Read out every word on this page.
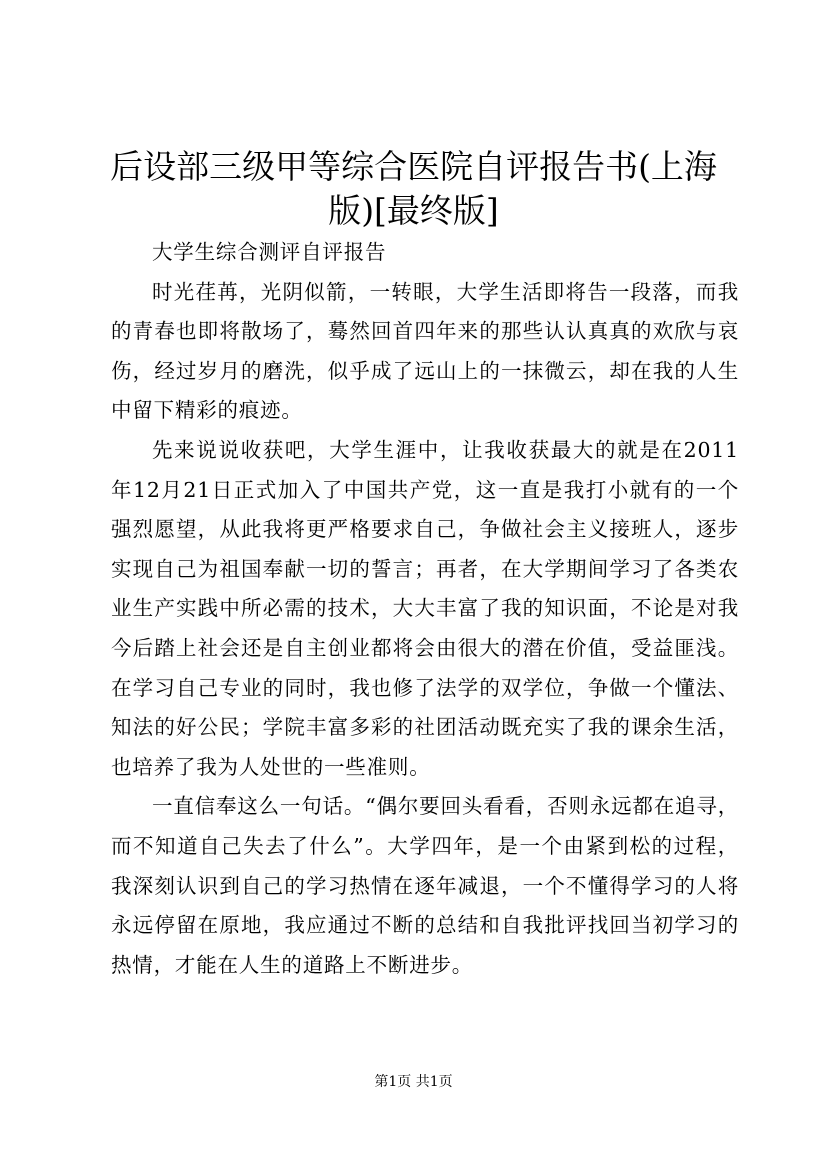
后设部三级甲等综合医院自评报告书(上海版)[最终版]

大学生综合测评自评报告

时光荏苒，光阴似箭，一转眼，大学生活即将告一段落，而我的青春也即将散场了，蓦然回首四年来的那些认认真真的欢欣与哀伤，经过岁月的磨洗，似乎成了远山上的一抹微云，却在我的人生中留下精彩的痕迹。

先来说说收获吧，大学生涯中，让我收获最大的就是在2011年12月21日正式加入了中国共产党，这一直是我打小就有的一个强烈愿望，从此我将更严格要求自己，争做社会主义接班人，逐步实现自己为祖国奉献一切的誓言；再者，在大学期间学习了各类农业生产实践中所必需的技术，大大丰富了我的知识面，不论是对我今后踏上社会还是自主创业都将会由很大的潜在价值，受益匪浅。在学习自己专业的同时，我也修了法学的双学位，争做一个懂法、知法的好公民；学院丰富多彩的社团活动既充实了我的课余生活，也培养了我为人处世的一些准则。

一直信奉这么一句话。“偶尔要回头看看，否则永远都在追寻，而不知道自己失去了什么”。大学四年，是一个由紧到松的过程，我深刻认识到自己的学习热情在逐年减退，一个不懂得学习的人将永远停留在原地，我应通过不断的总结和自我批评找回当初学习的热情，才能在人生的道路上不断进步。

第1页 共1页
